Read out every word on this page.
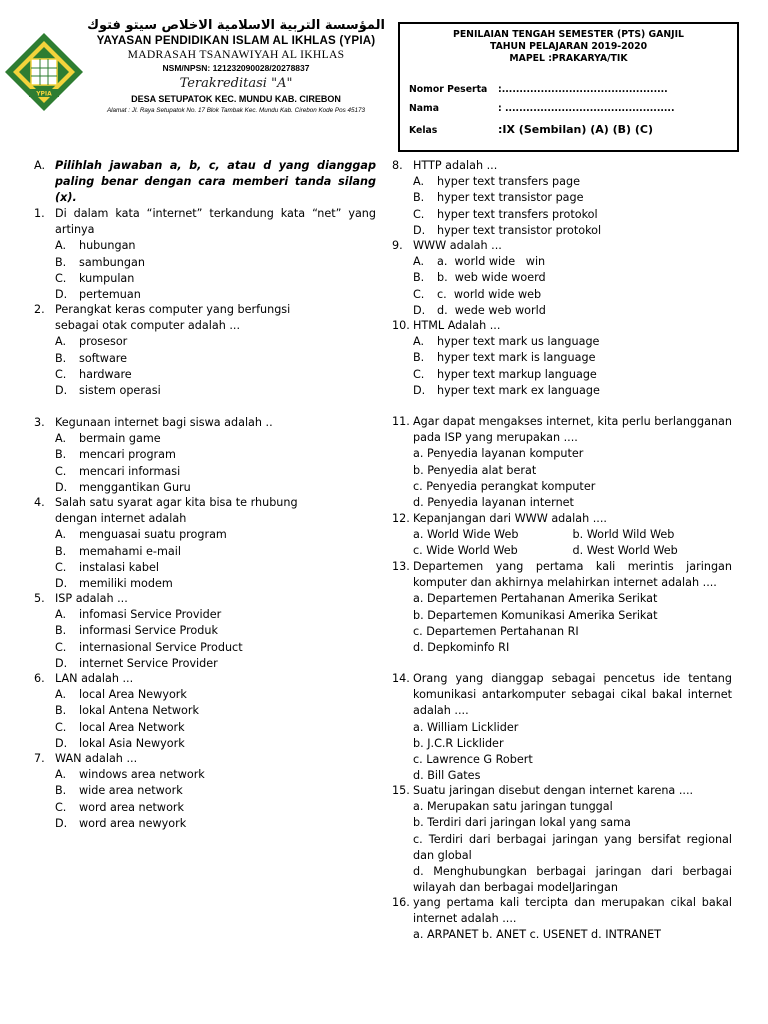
YPIA
المؤسسة التربية الاسلامية الاخلاص سيتو فتوك
YAYASAN PENDIDIKAN ISLAM AL IKHLAS (YPIA)
MADRASAH TSANAWIYAH AL IKHLAS
NSM/NPSN: 121232090028/20278837
Terakreditasi "A"
DESA SETUPATOK KEC. MUNDU KAB. CIREBON
Alamat : Jl. Raya Setupatok No. 17 Blok Tambak Kec. Mundu Kab. Cirebon Kode Pos 45173
PENILAIAN TENGAH SEMESTER (PTS) GANJIL
TAHUN PELAJARAN 2019-2020
MAPEL :PRAKARYA/TIK
Nomor Peserta :...............................................
Nama	: ................................................
Kelas	:IX (Sembilan) (A) (B) (C)
A. Pilihlah jawaban a, b, c, atau d yang dianggap paling benar dengan cara memberi tanda silang (x).
1. Di dalam kata “internet” terkandung kata “net” yang artinya
A.	hubungan
B.	sambungan
C.	kumpulan
D.	pertemuan
2. Perangkat keras computer yang berfungsi sebagai otak computer adalah ...
A.	prosesor
B.	software
C.	hardware
D.	sistem operasi
3. Kegunaan internet bagi siswa adalah ..
A.	bermain game
B.	mencari program
C.	mencari informasi
D.	menggantikan Guru
4. Salah satu syarat agar kita bisa te rhubung dengan internet adalah
A.	menguasai suatu program
B.	memahami e-mail
C.	instalasi kabel
D.	memiliki modem
5. ISP adalah ...
A.	infomasi Service Provider
B.	informasi Service Produk
C.	internasional Service Product
D.	internet Service Provider
6. LAN adalah ...
A.	local Area Newyork
B.	lokal Antena Network
C.	local Area Network
D.	lokal Asia Newyork
7. WAN adalah ...
A.	windows area network
B.	wide area network
C.	word area network
D.	word area newyork
8. HTTP adalah ...
A.	hyper text transfers page
B.	hyper text transistor page
C.	hyper text transfers protokol
D.	hyper text transistor protokol
9. WWW adalah ...
A.	a.  world wide   win
B.	b.  web wide woerd
C.	c.  world wide web
D.	d.  wede web world
10. HTML Adalah ...
A.	hyper text mark us language
B.	hyper text mark is language
C.	hyper text markup language
D.	hyper text mark ex language
11. Agar dapat mengakses internet, kita perlu berlangganan pada ISP yang merupakan ....
a. Penyedia layanan komputer
b. Penyedia alat berat
c. Penyedia perangkat komputer
d. Penyedia layanan internet
12. Kepanjangan dari WWW adalah ....
a. World Wide Web	b. World Wild Web
c. Wide World Web	d. West World Web
13. Departemen yang pertama kali merintis jaringan komputer dan akhirnya melahirkan internet adalah ....
a. Departemen Pertahanan Amerika Serikat
b. Departemen Komunikasi Amerika Serikat
c. Departemen Pertahanan RI
d. Depkominfo RI
14. Orang yang dianggap sebagai pencetus ide tentang komunikasi antarkomputer sebagai cikal bakal internet adalah ....
a. William Licklider
b. J.C.R Licklider
c. Lawrence G Robert
d. Bill Gates
15. Suatu jaringan disebut dengan internet karena ....
a. Merupakan satu jaringan tunggal
b. Terdiri dari jaringan lokal yang sama
c. Terdiri dari berbagai jaringan yang bersifat regional dan global
d. Menghubungkan berbagai jaringan dari berbagai wilayah dan berbagai modelJaringan
16. yang pertama kali tercipta dan merupakan cikal bakal internet adalah ....
a. ARPANET b. ANET c. USENET d. INTRANET
